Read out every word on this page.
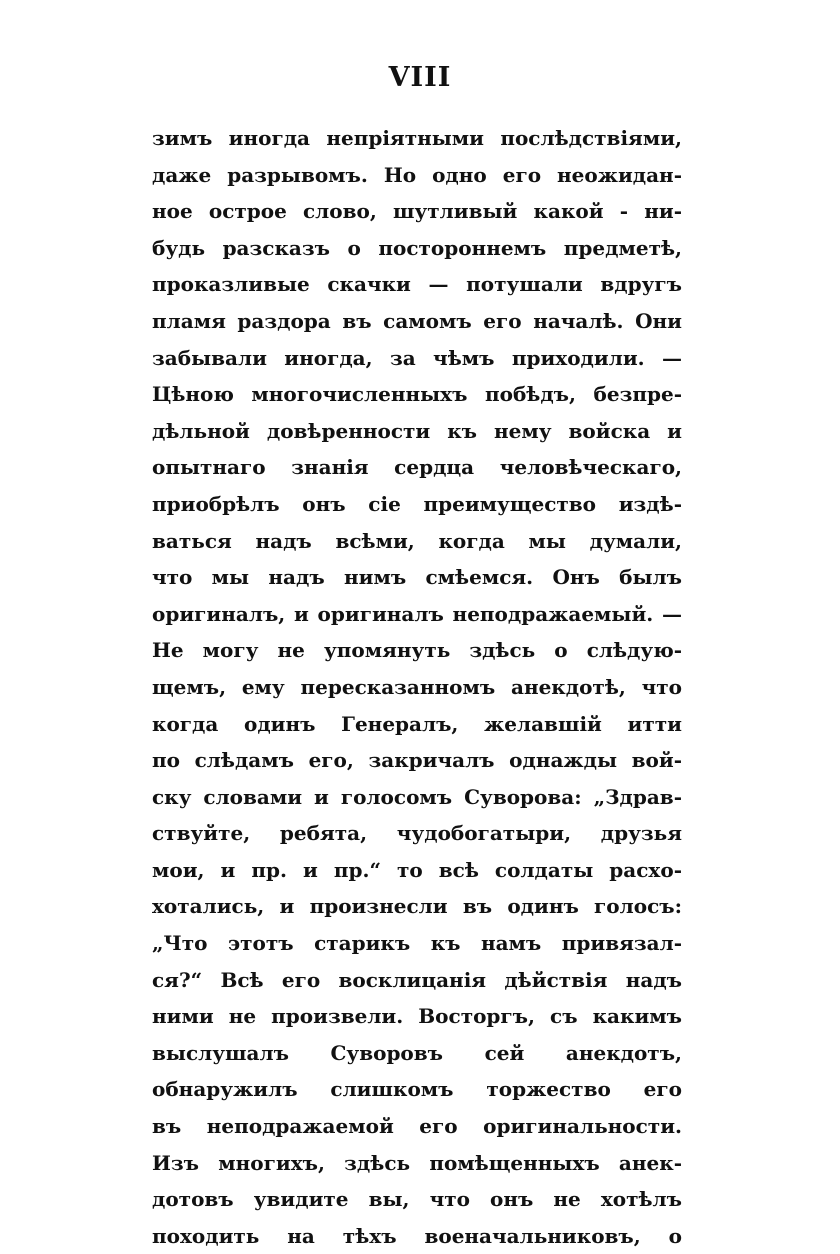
VIII
зимъ иногда непріятными послѣдствіями,
даже разрывомъ. Но одно его неожидан-
ное острое слово, шутливый какой - ни-
будь разсказъ о постороннемъ предметѣ,
проказливые скачки — потушали вдругъ
пламя раздора въ самомъ его началѣ. Они
забывали иногда, за чѣмъ приходили. —
Цѣною многочисленныхъ побѣдъ, безпре-
дѣльной довѣренности къ нему войска и
опытнаго знанія сердца человѣческаго,
приобрѣлъ онъ сіе преимущество издѣ-
ваться надъ всѣми, когда мы думали,
что мы надъ нимъ смѣемся. Онъ былъ
оригиналъ, и оригиналъ неподражаемый. —
Не могу не упомянуть здѣсь о слѣдую-
щемъ, ему пересказанномъ анекдотѣ, что
когда одинъ Генералъ, желавшій итти
по слѣдамъ его, закричалъ однажды вой-
ску словами и голосомъ Суворова: „Здрав-
ствуйте, ребята, чудобогатыри, друзья
мои, и пр. и пр.“ то всѣ солдаты расхо-
хотались, и произнесли въ одинъ голосъ:
„Что этотъ старикъ къ намъ привязал-
ся?“ Всѣ его восклицанія дѣйствія надъ
ними не произвели. Восторгъ, съ какимъ
выслушалъ Суворовъ сей анекдотъ,
обнаружилъ слишкомъ торжество его
въ неподражаемой его оригинальности.
Изъ многихъ, здѣсь помѣщенныхъ анек-
дотовъ увидите вы, что онъ не хотѣлъ
походить на тѣхъ военачальниковъ, о
